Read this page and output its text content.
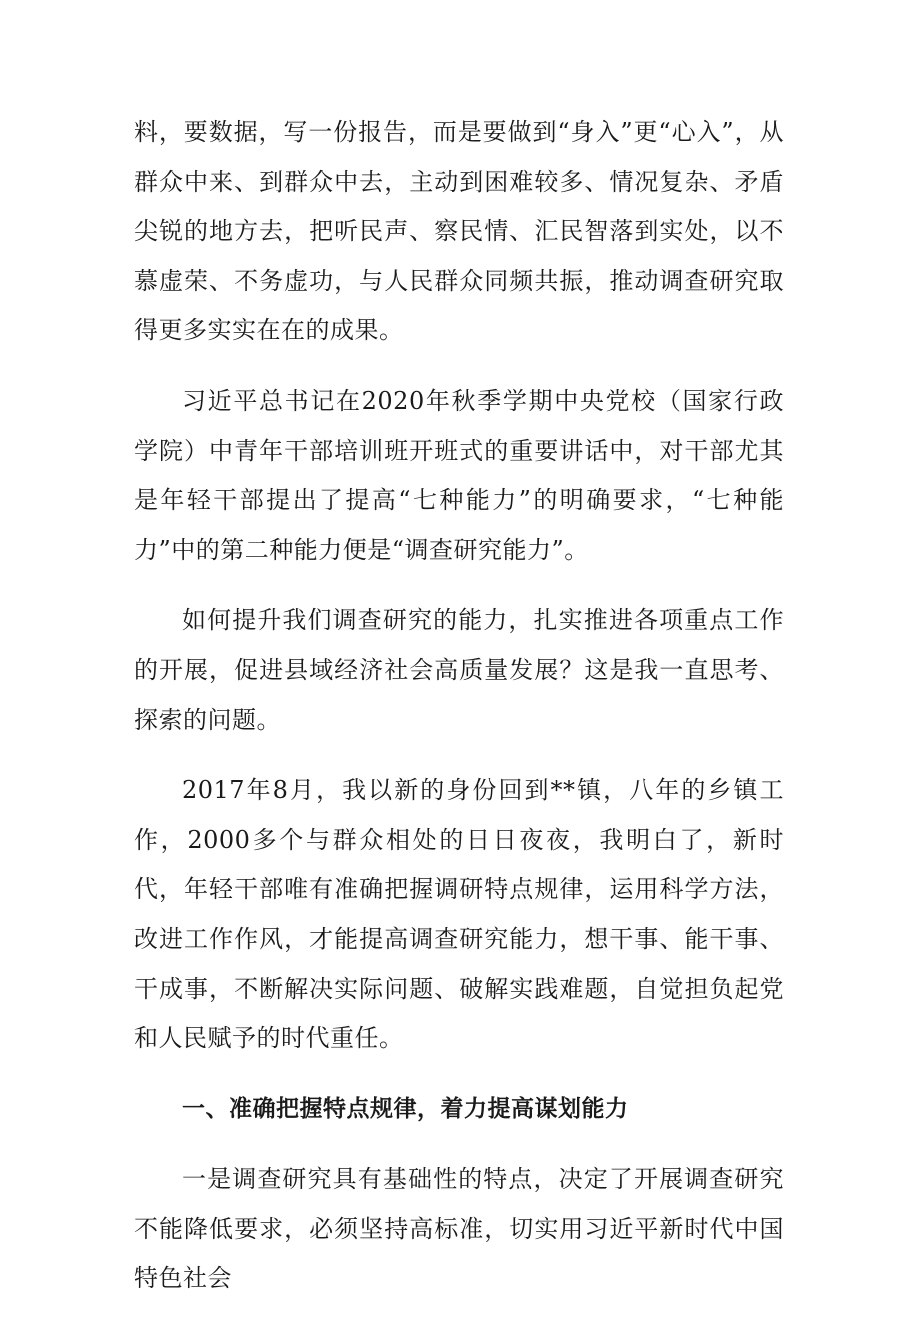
料，要数据，写一份报告，而是要做到“身入”更“心入”，从群众中来、到群众中去，主动到困难较多、情况复杂、矛盾尖锐的地方去，把听民声、察民情、汇民智落到实处，以不慕虚荣、不务虚功，与人民群众同频共振，推动调查研究取得更多实实在在的成果。

习近平总书记在2020年秋季学期中央党校（国家行政学院）中青年干部培训班开班式的重要讲话中，对干部尤其是年轻干部提出了提高“七种能力”的明确要求，“七种能力”中的第二种能力便是“调查研究能力”。

如何提升我们调查研究的能力，扎实推进各项重点工作的开展，促进县域经济社会高质量发展？这是我一直思考、探索的问题。

2017年8月，我以新的身份回到**镇，八年的乡镇工作，2000多个与群众相处的日日夜夜，我明白了，新时代，年轻干部唯有准确把握调研特点规律，运用科学方法，改进工作作风，才能提高调查研究能力，想干事、能干事、干成事，不断解决实际问题、破解实践难题，自觉担负起党和人民赋予的时代重任。

一、准确把握特点规律，着力提高谋划能力

一是调查研究具有基础性的特点，决定了开展调查研究不能降低要求，必须坚持高标准，切实用习近平新时代中国特色社会
